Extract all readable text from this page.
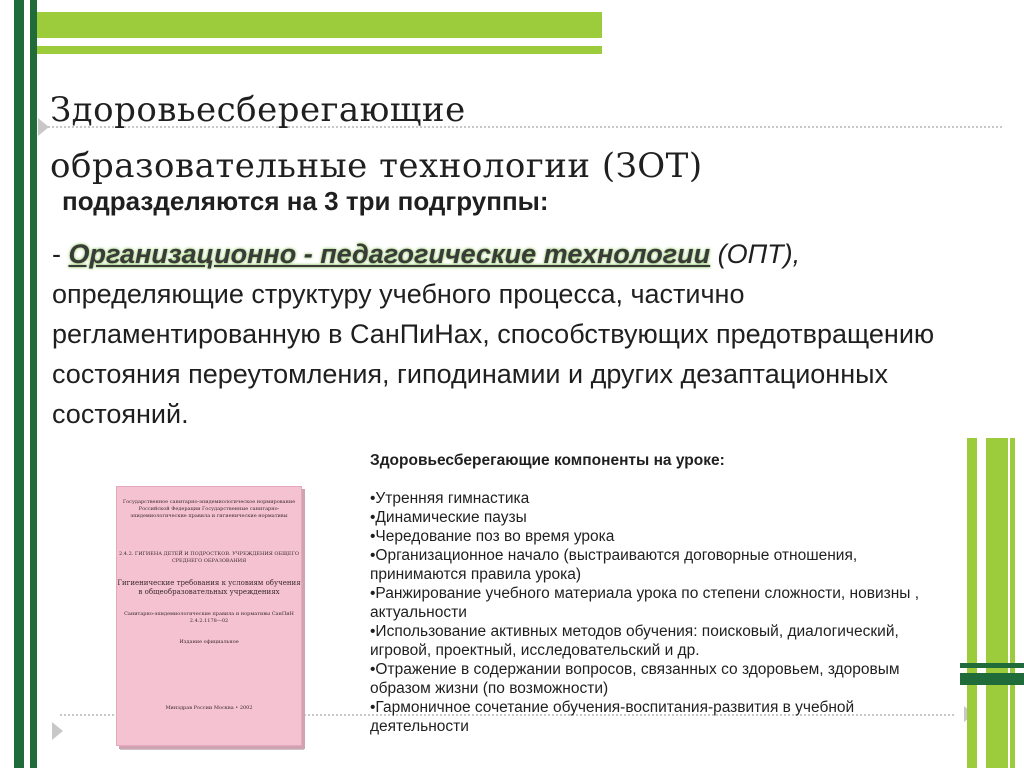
Здоровьесберегающие
образовательные технологии (ЗОТ)
подразделяются на 3 три подгруппы:
- Организационно - педагогические технологии (ОПТ), определяющие структуру учебного процесса, частично регламентированную в СанПиНах, способствующих предотвращению состояния переутомления, гиподинамии и других дезаптационных состояний.
Государственное санитарно-эпидемиологическое нормирование Российской Федерации Государственные санитарно-эпидемиологические правила и гигиенические нормативы
2.4.2. ГИГИЕНА ДЕТЕЙ И ПОДРОСТКОВ. УЧРЕЖДЕНИЯ ОБЩЕГО СРЕДНЕГО ОБРАЗОВАНИЯ
Гигиенические требования к условиям обучения в общеобразовательных учреждениях
Санитарно-эпидемиологические правила и нормативы СанПиН 2.4.2.1178—02
Издание официальное
Минздрав России Москва • 2002
Здоровьесберегающие компоненты на уроке:
•Утренняя гимнастика
•Динамические паузы
•Чередование поз во время урока
•Организационное начало (выстраиваются договорные отношения, принимаются правила урока)
•Ранжирование учебного материала урока по степени сложности, новизны , актуальности
•Использование активных методов обучения: поисковый, диалогический, игровой, проектный, исследовательский и др.
•Отражение в содержании вопросов, связанных со здоровьем, здоровым образом жизни (по возможности)
•Гармоничное сочетание обучения-воспитания-развития в учебной деятельности
